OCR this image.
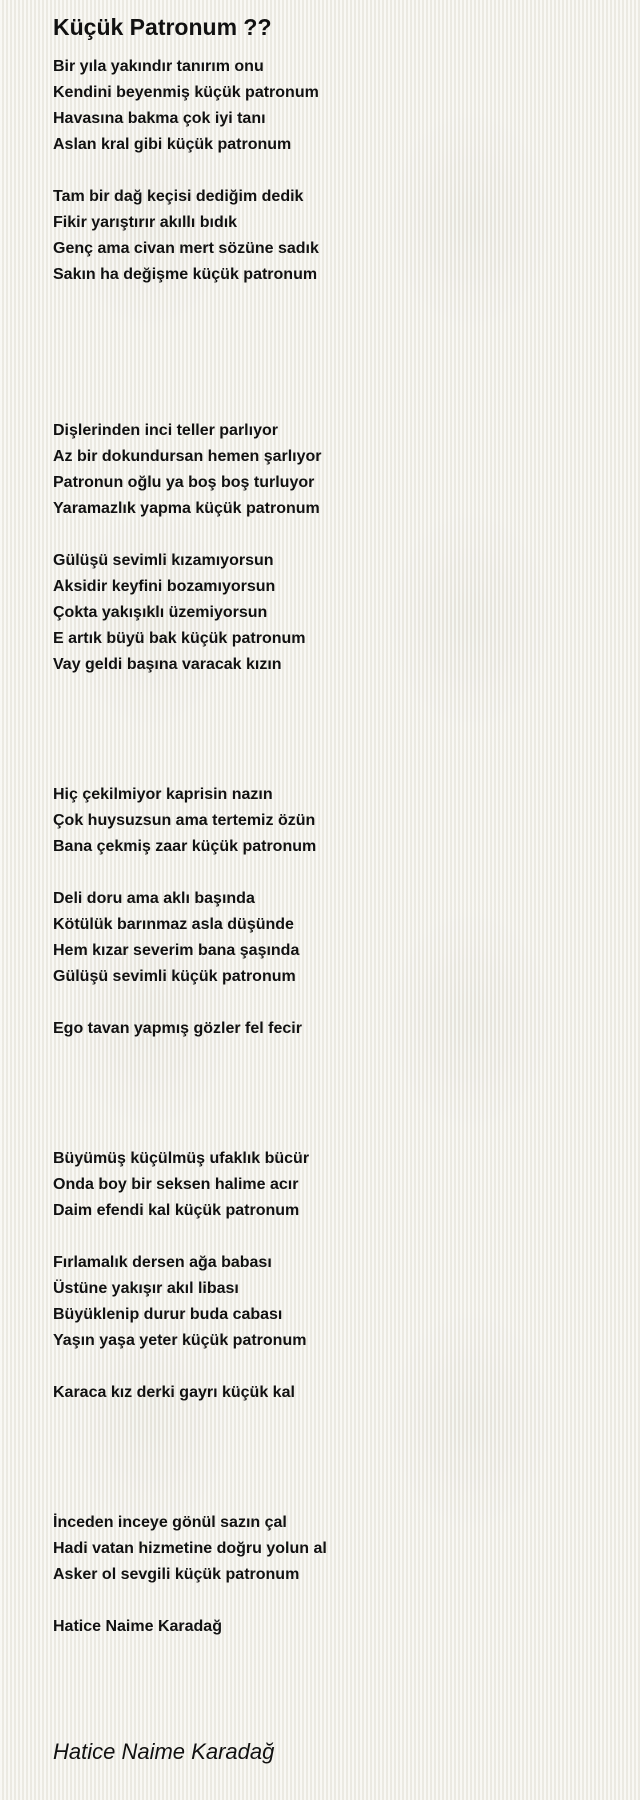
Küçük Patronum ??
Bir yıla yakındır tanırım onu
Kendini beyenmiş küçük patronum
Havasına bakma çok iyi tanı
Aslan kral gibi küçük patronum
Tam bir dağ keçisi dediğim dedik
Fikir yarıştırır akıllı bıdık
Genç ama civan mert sözüne sadık
Sakın ha değişme küçük patronum
Dişlerinden inci teller parlıyor
Az bir dokundursan hemen şarlıyor
Patronun oğlu ya boş boş turluyor
Yaramazlık yapma küçük patronum
Gülüşü sevimli kızamıyorsun
Aksidir keyfini bozamıyorsun
Çokta yakışıklı üzemiyorsun
E artık büyü bak küçük patronum
Vay geldi başına varacak kızın
Hiç çekilmiyor kaprisin nazın
Çok huysuzsun ama tertemiz özün
Bana çekmiş zaar küçük patronum
Deli doru ama aklı başında
Kötülük barınmaz asla düşünde
Hem kızar severim bana şaşında
Gülüşü sevimli küçük patronum
Ego tavan yapmış gözler fel fecir
Büyümüş küçülmüş ufaklık bücür
Onda boy bir seksen halime acır
Daim efendi kal küçük patronum
Fırlamalık dersen ağa babası
Üstüne yakışır akıl libası
Büyüklenip durur buda cabası
Yaşın yaşa yeter küçük patronum
Karaca kız derki gayrı küçük kal
İnceden inceye gönül sazın çal
Hadi vatan hizmetine doğru yolun al
Asker ol sevgili küçük patronum
Hatice Naime Karadağ
Hatice Naime Karadağ
